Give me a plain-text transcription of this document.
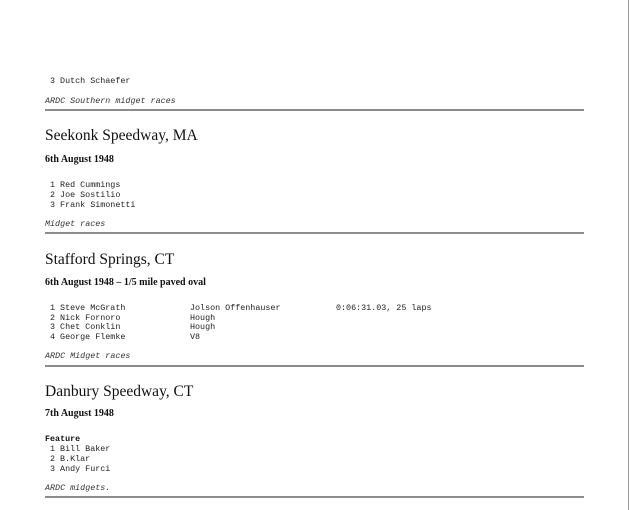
3 Dutch Schaefer
ARDC Southern midget races
Seekonk Speedway, MA
6th August 1948
1 Red Cummings
2 Joe Sostilio
3 Frank Simonetti
Midget races
Stafford Springs, CT
6th August 1948 – 1/5 mile paved oval
1 Steve McGrath	Jolson Offenhauser	0:06:31.03, 25 laps
2 Nick Fornoro	Hough
3 Chet Conklin	Hough
4 George Flemke	V8
ARDC Midget races
Danbury Speedway, CT
7th August 1948
Feature
1 Bill Baker
2 B.Klar
3 Andy Furci
ARDC midgets.
